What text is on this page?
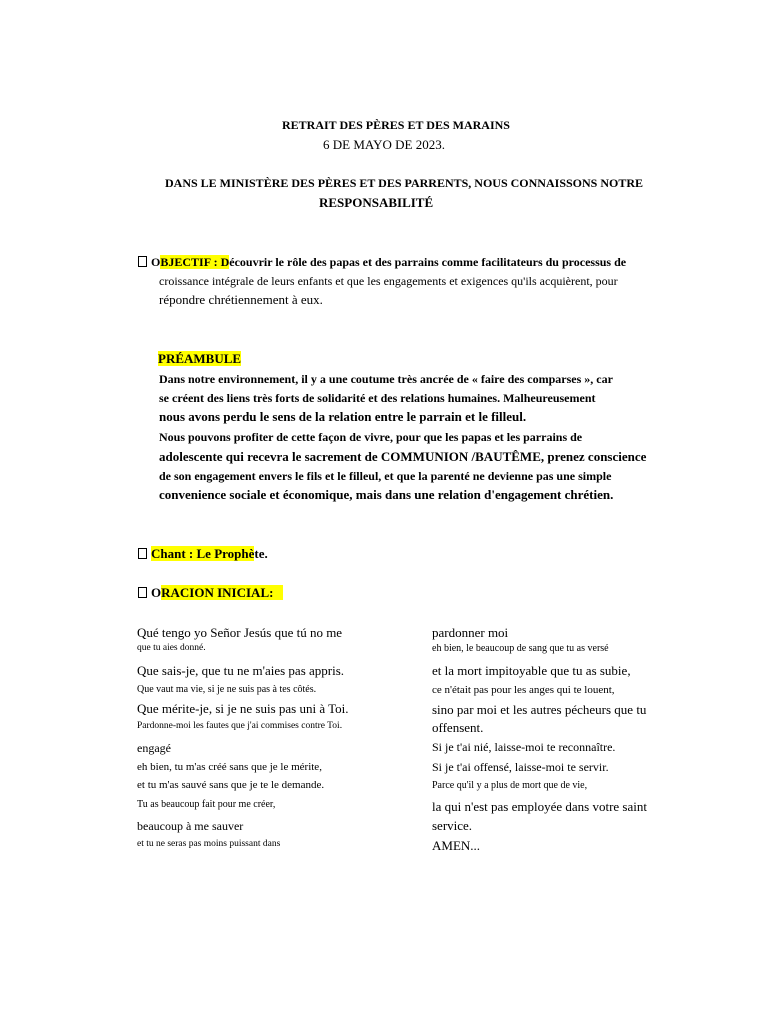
RETRAIT DES PÈRES ET DES MARAINS
6 DE MAYO DE 2023.
DANS LE MINISTÈRE DES PÈRES ET DES PARRENTS, NOUS CONNAISSONS NOTRE
RESPONSABILITÉ
OBJECTIF : Découvrir le rôle des papas et des parrains comme facilitateurs du processus de
croissance intégrale de leurs enfants et que les engagements et exigences qu'ils acquièrent, pour
répondre chrétiennement à eux.
PRÉAMBULE
Dans notre environnement, il y a une coutume très ancrée de « faire des comparses », car
se créent des liens très forts de solidarité et des relations humaines. Malheureusement
nous avons perdu le sens de la relation entre le parrain et le filleul.
Nous pouvons profiter de cette façon de vivre, pour que les papas et les parrains de
adolescente qui recevra le sacrement de COMMUNION /BAUTÊME, prenez conscience
de son engagement envers le fils et le filleul, et que la parenté ne devienne pas une simple
convenience sociale et économique, mais dans une relation d'engagement chrétien.
Chant : Le Prophète.
ORACION INICIAL:
Qué tengo yo Señor Jesús que tú no me
que tu aies donné.
Que sais-je, que tu ne m'aies pas appris.
Que vaut ma vie, si je ne suis pas à tes côtés.
Que mérite-je, si je ne suis pas uni à Toi.
Pardonne-moi les fautes que j'ai commises contre Toi.
engagé
eh bien, tu m'as créé sans que je le mérite,
et tu m'as sauvé sans que je te le demande.
Tu as beaucoup fait pour me créer,
beaucoup à me sauver
et tu ne seras pas moins puissant dans
pardonner moi
eh bien, le beaucoup de sang que tu as versé
et la mort impitoyable que tu as subie,
ce n'était pas pour les anges qui te louent,
sino par moi et les autres pécheurs que tu
offensent.
Si je t'ai nié, laisse-moi te reconnaître.
Si je t'ai offensé, laisse-moi te servir.
Parce qu'il y a plus de mort que de vie,
la qui n'est pas employée dans votre saint
service.
AMEN...
